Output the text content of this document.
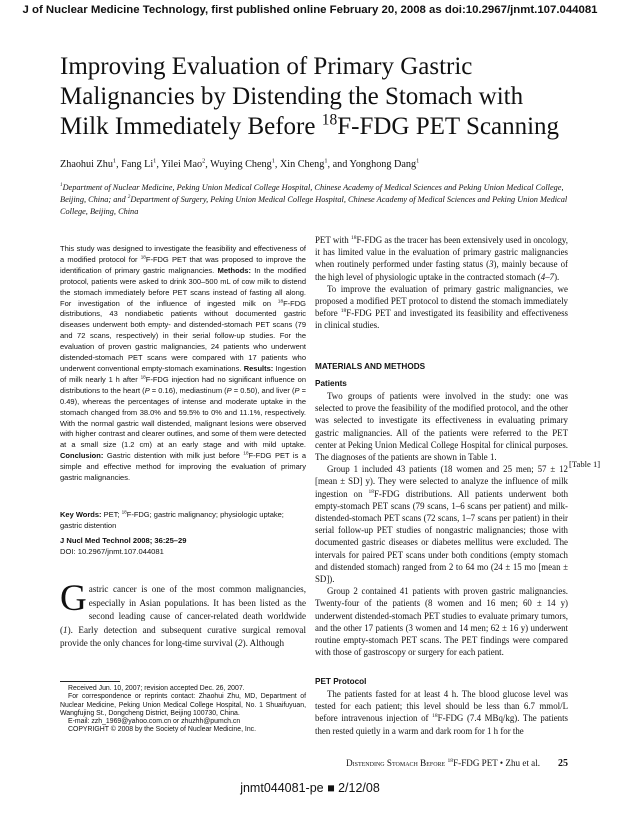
J of Nuclear Medicine Technology, first published online February 20, 2008 as doi:10.2967/jnmt.107.044081

Improving Evaluation of Primary Gastric

Malignancies by Distending the Stomach with

Milk Immediately Before $^{18}$F-FDG PET Scanning

Zhaohui Zhu$^1$, Fang Li$^1$, Yilei Mao$^2$, Wuying Cheng$^1$, Xin Cheng$^1$, and Yonghong Dang$^1$
$^1$Department of Nuclear Medicine, Peking Union Medical College Hospital, Chinese Academy of Medical Sciences and Peking Union Medical College, Beijing, China; and $^2$Department of Surgery, Peking Union Medical College Hospital, Chinese Academy of Medical Sciences and Peking Union Medical College, Beijing, China

This study was designed to investigate the feasibility and effectiveness of a modified protocol for $^{18}$F-FDG PET that was proposed to improve the identification of primary gastric malignancies. Methods: In the modified protocol, patients were asked to drink 300–500 mL of cow milk to distend the stomach immediately before PET scans instead of fasting all along. For investigation of the influence of ingested milk on $^{18}$F-FDG distributions, 43 nondiabetic patients without documented gastric diseases underwent both empty- and distended-stomach PET scans (79 and 72 scans, respectively) in their serial follow-up studies. For the evaluation of proven gastric malignancies, 24 patients who underwent distended-stomach PET scans were compared with 17 patients who underwent conventional empty-stomach examinations. Results: Ingestion of milk nearly 1 h after $^{18}$F-FDG injection had no significant influence on distributions to the heart (P = 0.16), mediastinum (P = 0.50), and liver (P = 0.49), whereas the percentages of intense and moderate uptake in the stomach changed from 38.0% and 59.5% to 0% and 11.1%, respectively. With the normal gastric wall distended, malignant lesions were observed with higher contrast and clearer outlines, and some of them were detected at a small size (1.2 cm) at an early stage and with mild uptake. Conclusion: Gastric distention with milk just before $^{18}$F-FDG PET is a simple and effective method for improving the evaluation of primary gastric malignancies.

Key Words: PET; $^{18}$F-FDG; gastric malignancy; physiologic uptake; gastric distention

J Nucl Med Technol 2008; 36:25–29

DOI: 10.2967/jnmt.107.044081

Gastric cancer is one of the most common malignancies, especially in Asian populations. It has been listed as the second leading cause of cancer-related death worldwide (1). Early detection and subsequent curative surgical removal provide the only chances for long-time survival (2). Although

Received Jun. 10, 2007; revision accepted Dec. 26, 2007.

For correspondence or reprints contact: Zhaohui Zhu, MD, Department of Nuclear Medicine, Peking Union Medical College Hospital, No. 1 Shuaifuyuan, Wangfujing St., Dongcheng District, Beijing 100730, China.

E-mail: zzh_1969@yahoo.com.cn or zhuzhh@pumch.cn

COPYRIGHT © 2008 by the Society of Nuclear Medicine, Inc.

PET with $^{18}$F-FDG as the tracer has been extensively used in oncology, it has limited value in the evaluation of primary gastric malignancies when routinely performed under fasting status (3), mainly because of the high level of physiologic uptake in the contracted stomach (4–7).

To improve the evaluation of primary gastric malignancies, we proposed a modified PET protocol to distend the stomach immediately before $^{18}$F-FDG PET and investigated its feasibility and effectiveness in clinical studies.

MATERIALS AND METHODS

Patients

Two groups of patients were involved in the study: one was selected to prove the feasibility of the modified protocol, and the other was selected to investigate its effectiveness in evaluating primary gastric malignancies. All of the patients were referred to the PET center at Peking Union Medical College Hospital for clinical purposes. The diagnoses of the patients are shown in Table 1.

Group 1 included 43 patients (18 women and 25 men; 57 ± 12 [mean ± SD] y). They were selected to analyze the influence of milk ingestion on $^{18}$F-FDG distributions. All patients underwent both empty-stomach PET scans (79 scans, 1–6 scans per patient) and milk-distended-stomach PET scans (72 scans, 1–7 scans per patient) in their serial follow-up PET studies of nongastric malignancies; those with documented gastric diseases or diabetes mellitus were excluded. The intervals for paired PET scans under both conditions (empty stomach and distended stomach) ranged from 2 to 64 mo (24 ± 15 mo [mean ± SD]).

Group 2 contained 41 patients with proven gastric malignancies. Twenty-four of the patients (8 women and 16 men; 60 ± 14 y) underwent distended-stomach PET studies to evaluate primary tumors, and the other 17 patients (3 women and 14 men; 62 ± 16 y) underwent routine empty-stomach PET scans. The PET findings were compared with those of gastroscopy or surgery for each patient.

[Table 1]

PET Protocol

The patients fasted for at least 4 h. The blood glucose level was tested for each patient; this level should be less than 6.7 mmol/L before intravenous injection of $^{18}$F-FDG (7.4 MBq/kg). The patients then rested quietly in a warm and dark room for 1 h for the

Distending Stomach Before $^{18}$F-FDG PET • Zhu et al. 25
jnmt044081-pe ■ 2/12/08
